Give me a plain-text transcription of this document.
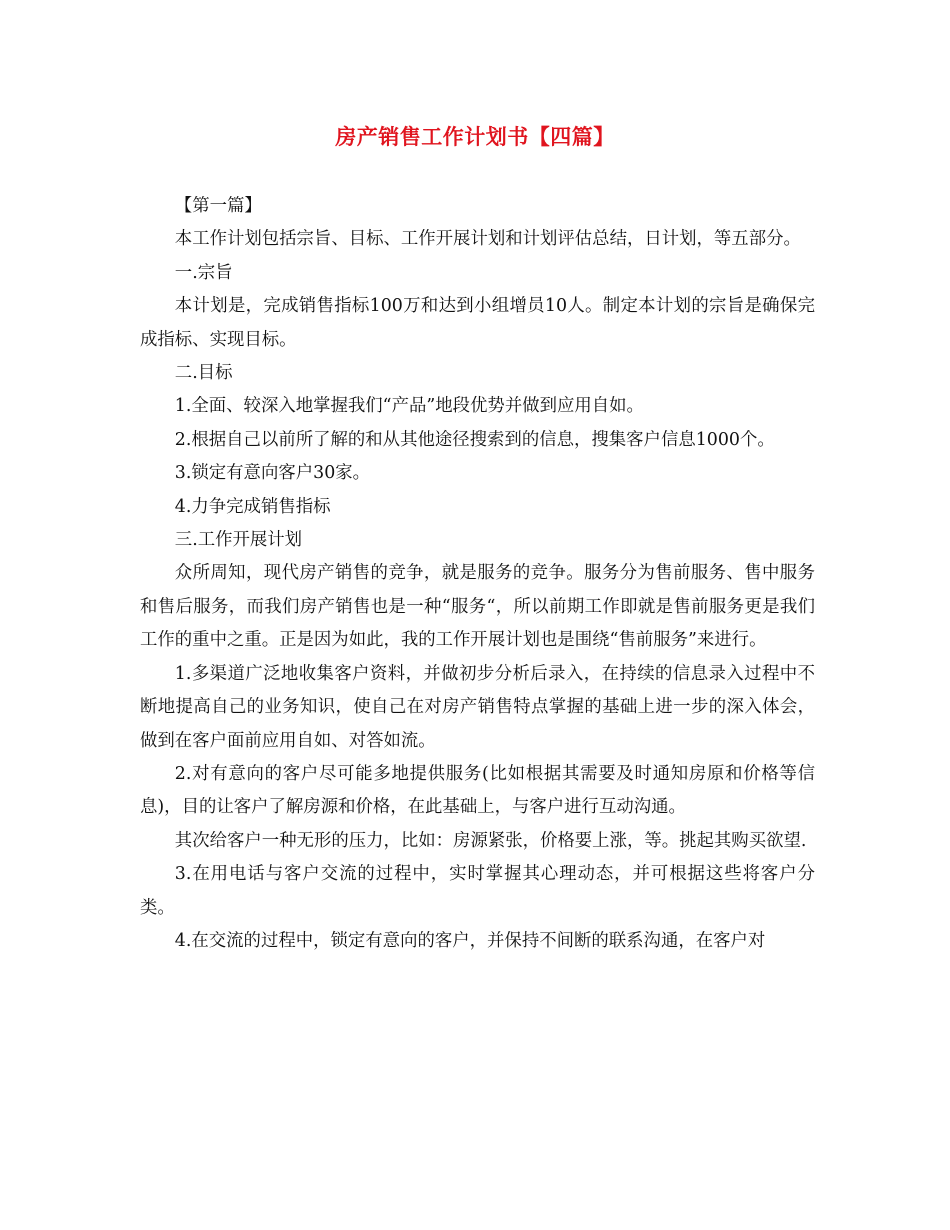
房产销售工作计划书【四篇】

【第一篇】

本工作计划包括宗旨、目标、工作开展计划和计划评估总结，日计划，等五部分。

一.宗旨

本计划是，完成销售指标100万和达到小组增员10人。制定本计划的宗旨是确保完成指标、实现目标。

二.目标

1.全面、较深入地掌握我们“产品”地段优势并做到应用自如。

2.根据自己以前所了解的和从其他途径搜索到的信息，搜集客户信息1000个。

3.锁定有意向客户30家。

4.力争完成销售指标

三.工作开展计划

众所周知，现代房产销售的竞争，就是服务的竞争。服务分为售前服务、售中服务和售后服务，而我们房产销售也是一种“服务“，所以前期工作即就是售前服务更是我们工作的重中之重。正是因为如此，我的工作开展计划也是围绕“售前服务”来进行。

1.多渠道广泛地收集客户资料，并做初步分析后录入，在持续的信息录入过程中不断地提高自己的业务知识，使自己在对房产销售特点掌握的基础上进一步的深入体会，做到在客户面前应用自如、对答如流。

2.对有意向的客户尽可能多地提供服务(比如根据其需要及时通知房原和价格等信息)，目的让客户了解房源和价格，在此基础上，与客户进行互动沟通。

其次给客户一种无形的压力，比如：房源紧张，价格要上涨，等。挑起其购买欲望.

3.在用电话与客户交流的过程中，实时掌握其心理动态，并可根据这些将客户分类。

4.在交流的过程中，锁定有意向的客户，并保持不间断的联系沟通，在客户对
